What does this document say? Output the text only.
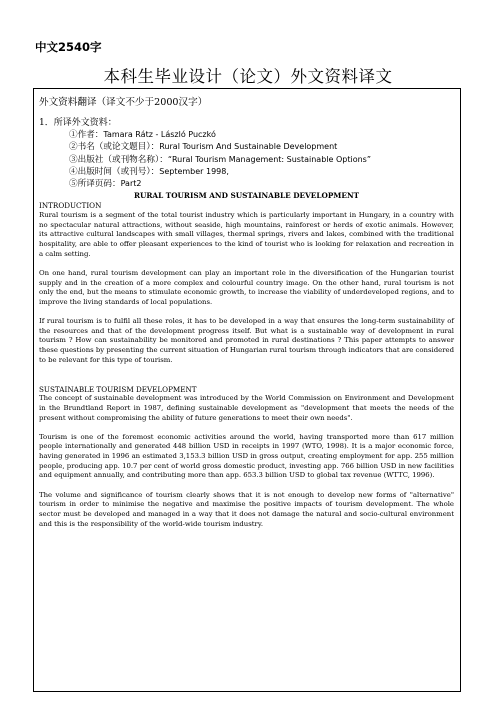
中文2540字
本科生毕业设计（论文）外文资料译文
外文资料翻译（译文不少于2000汉字）
1．所译外文资料：
①作者：Tamara Rátz - László Puczkó
②书名（或论文题目）：Rural Tourism And Sustainable Development
③出版社（或刊物名称）：“Rural Tourism Management: Sustainable Options”
④出版时间（或刊号）：September 1998,
⑤所译页码：Part2
RURAL TOURISM AND SUSTAINABLE DEVELOPMENT
INTRODUCTION

Rural tourism is a segment of the total tourist industry which is particularly important in Hungary, in a country with no spectacular natural attractions, without seaside, high mountains, rainforest or herds of exotic animals. However, its attractive cultural landscapes with small villages, thermal springs, rivers and lakes, combined with the traditional hospitality, are able to offer pleasant experiences to the kind of tourist who is looking for relaxation and recreation in a calm setting.

On one hand, rural tourism development can play an important role in the diversification of the Hungarian tourist supply and in the creation of a more complex and colourful country image. On the other hand, rural tourism is not only the end, but the means to stimulate economic growth, to increase the viability of underdeveloped regions, and to improve the living standards of local populations.

If rural tourism is to fulfil all these roles, it has to be developed in a way that ensures the long-term sustainability of the resources and that of the development progress itself. But what is a sustainable way of development in rural tourism ? How can sustainability be monitored and promoted in rural destinations ? This paper attempts to answer these questions by presenting the current situation of Hungarian rural tourism through indicators that are considered to be relevant for this type of tourism.

SUSTAINABLE TOURISM DEVELOPMENT

The concept of sustainable development was introduced by the World Commission on Environment and Development in the Brundtland Report in 1987, defining sustainable development as "development that meets the needs of the present without compromising the ability of future generations to meet their own needs".

Tourism is one of the foremost economic activities around the world, having transported more than 617 million people internationally and generated 448 billion USD in receipts in 1997 (WTO, 1998). It is a major economic force, having generated in 1996 an estimated 3,153.3 billion USD in gross output, creating employment for app. 255 million people, producing app. 10.7 per cent of world gross domestic product, investing app. 766 billion USD in new facilities and equipment annually, and contributing more than app. 653.3 billion USD to global tax revenue (WTTC, 1996).

The volume and significance of tourism clearly shows that it is not enough to develop new forms of "alternative" tourism in order to minimise the negative and maximise the positive impacts of tourism development. The whole sector must be developed and managed in a way that it does not damage the natural and socio-cultural environment and this is the responsibility of the world-wide tourism industry.
